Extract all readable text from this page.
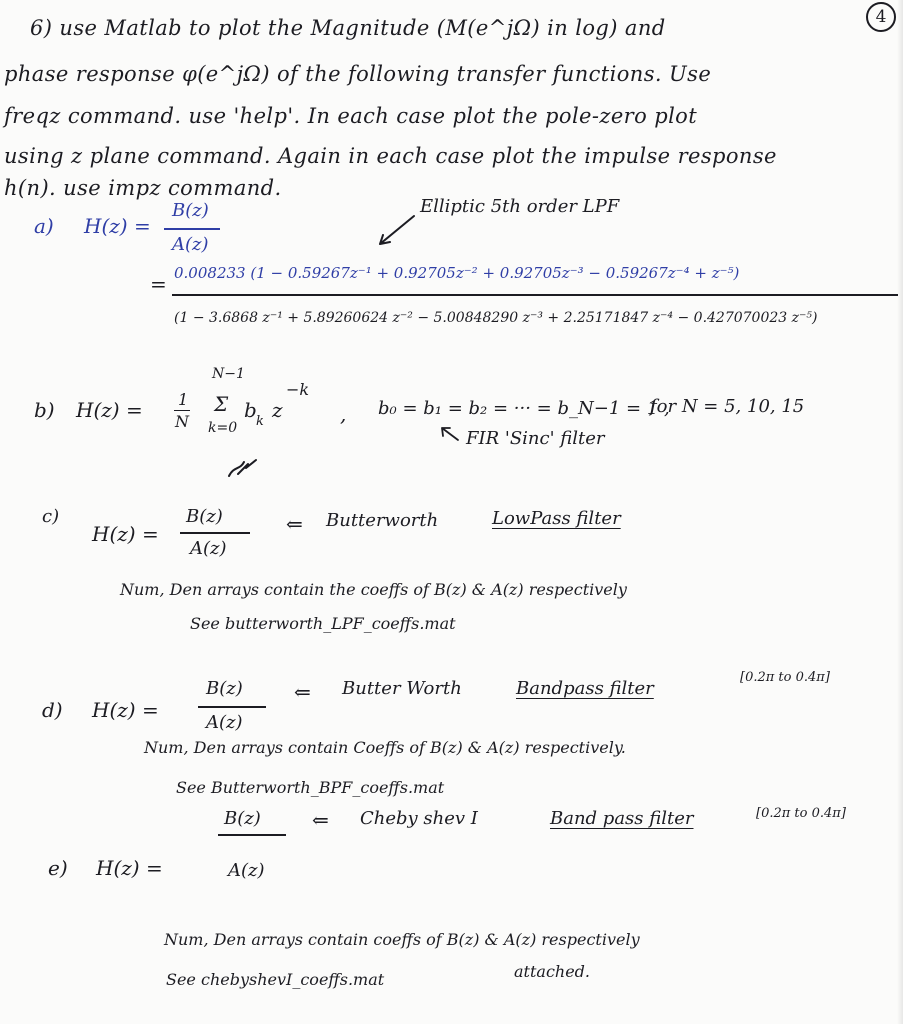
6) use Matlab to plot the Magnitude (M(e^jΩ) in log) and	4
phase response φ(e^jΩ) of the following transfer functions. Use
freqz command. use 'help'. In each case plot the pole-zero plot
using z plane command. Again in each case plot the impulse response
h(n). use impz command.
a) H(z) =
B(z)
A(z)
Elliptic 5th order LPF
= 0.008233 (1 − 0.59267z⁻¹ + 0.92705z⁻² + 0.92705z⁻³ − 0.59267z⁻⁴ + z⁻⁵)
(1 − 3.6868 z⁻¹ + 5.89260624 z⁻² − 5.00848290 z⁻³ + 2.25171847 z⁻⁴ − 0.427070023 z⁻⁵)
b) H(z) = 1
N
N−1
Σ
k=0
b k z
−k
, b₀ = b₁ = b₂ = ··· = b_N−1 = 1 ,
for N = 5, 10, 15
FIR 'Sinc' filter
c)
H(z) =
B(z)
A(z)
⇐ Butterworth	LowPass filter
Num, Den arrays contain the coeffs of B(z) & A(z) respectively
See butterworth_LPF_coeffs.mat
d) H(z) =
B(z)
A(z)
⇐ Butter Worth	Bandpass filter
[0.2π to 0.4π]
Num, Den arrays contain Coeffs of B(z) & A(z) respectively.
See Butterworth_BPF_coeffs.mat
B(z)	⇐ Cheby shev I	Band pass filter	[0.2π to 0.4π]
e) H(z) =	A(z)
Num, Den arrays contain coeffs of B(z) & A(z) respectively
See chebyshevI_coeffs.mat	attached.
